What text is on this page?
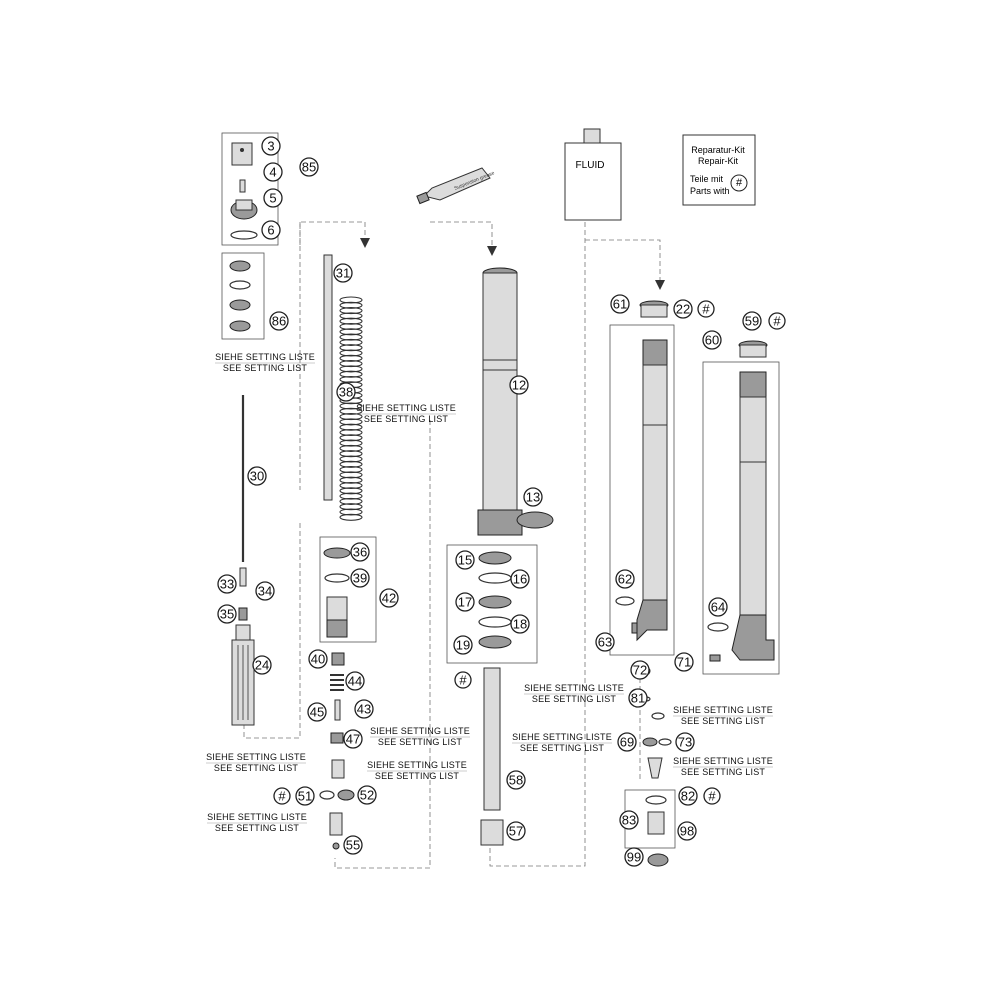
Suspension grease
FLUID
Reparatur-Kit
Repair-Kit
Teile mit
Parts with
#
3
4
5
6
85
86
30
31
38	12
13
33 34
35
24
36
39
42
40
44
43
45
47
51	52
55
58
57
15
16
17
18
19
61
60
22
59
62
63
64
71
72
81
69	73
82
83
98
99
#
#
#
#
#
SIEHE SETTING LISTE
SEE SETTING LIST
SIEHE SETTING LISTE
SEE SETTING LIST
SIEHE SETTING LISTE
SEE SETTING LIST
SIEHE SETTING LISTE
SEE SETTING LIST	SIEHE SETTING LISTE
SEE SETTING LIST
SIEHE SETTING LISTE
SEE SETTING LIST
SIEHE SETTING LISTE
SEE SETTING LIST
SIEHE SETTING LISTE
SEE SETTING LIST
SIEHE SETTING LISTE
SEE SETTING LIST
SIEHE SETTING LISTE
SEE SETTING LIST
